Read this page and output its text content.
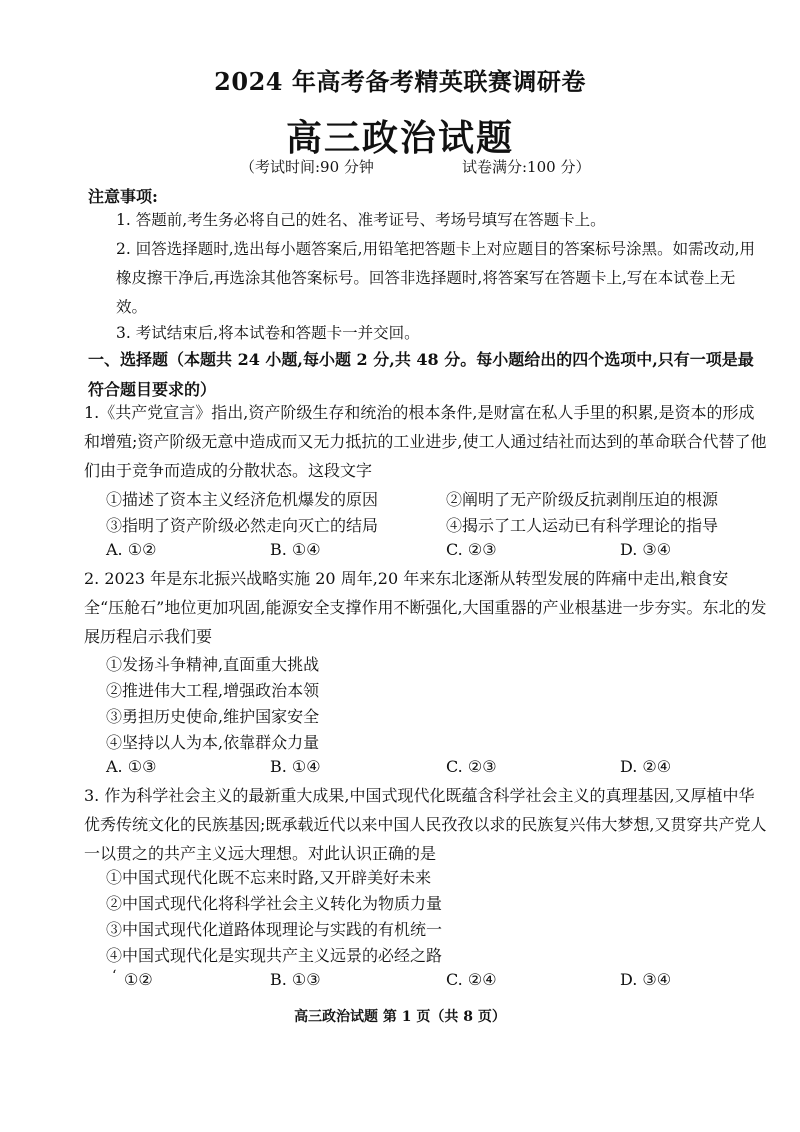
2024 年高考备考精英联赛调研卷
高三政治试题
（考试时间:90 分钟	试卷满分:100 分）
注意事项:
1. 答题前,考生务必将自己的姓名、准考证号、考场号填写在答题卡上。
2. 回答选择题时,选出每小题答案后,用铅笔把答题卡上对应题目的答案标号涂黑。如需改动,用橡皮擦干净后,再选涂其他答案标号。回答非选择题时,将答案写在答题卡上,写在本试卷上无效。
3. 考试结束后,将本试卷和答题卡一并交回。
一、选择题（本题共 24 小题,每小题 2 分,共 48 分。每小题给出的四个选项中,只有一项是最符合题目要求的）
1.《共产党宣言》指出,资产阶级生存和统治的根本条件,是财富在私人手里的积累,是资本的形成和增殖;资产阶级无意中造成而又无力抵抗的工业进步,使工人通过结社而达到的革命联合代替了他们由于竞争而造成的分散状态。这段文字
①描述了资本主义经济危机爆发的原因	②阐明了无产阶级反抗剥削压迫的根源
③指明了资产阶级必然走向灭亡的结局	④揭示了工人运动已有科学理论的指导
A. ①②	B. ①④	C. ②③	D. ③④
2. 2023 年是东北振兴战略实施 20 周年,20 年来东北逐渐从转型发展的阵痛中走出,粮食安全“压舱石”地位更加巩固,能源安全支撑作用不断强化,大国重器的产业根基进一步夯实。东北的发展历程启示我们要
①发扬斗争精神,直面重大挑战
②推进伟大工程,增强政治本领
③勇担历史使命,维护国家安全
④坚持以人为本,依靠群众力量
A. ①③	B. ①④	C. ②③	D. ②④
3. 作为科学社会主义的最新重大成果,中国式现代化既蕴含科学社会主义的真理基因,又厚植中华优秀传统文化的民族基因;既承载近代以来中国人民孜孜以求的民族复兴伟大梦想,又贯穿共产党人一以贯之的共产主义远大理想。对此认识正确的是
①中国式现代化既不忘来时路,又开辟美好未来
②中国式现代化将科学社会主义转化为物质力量
③中国式现代化道路体现理论与实践的有机统一
④中国式现代化是实现共产主义远景的必经之路
‘ ①②	B. ①③	C. ②④	D. ③④
高三政治试题 第 1 页（共 8 页）
